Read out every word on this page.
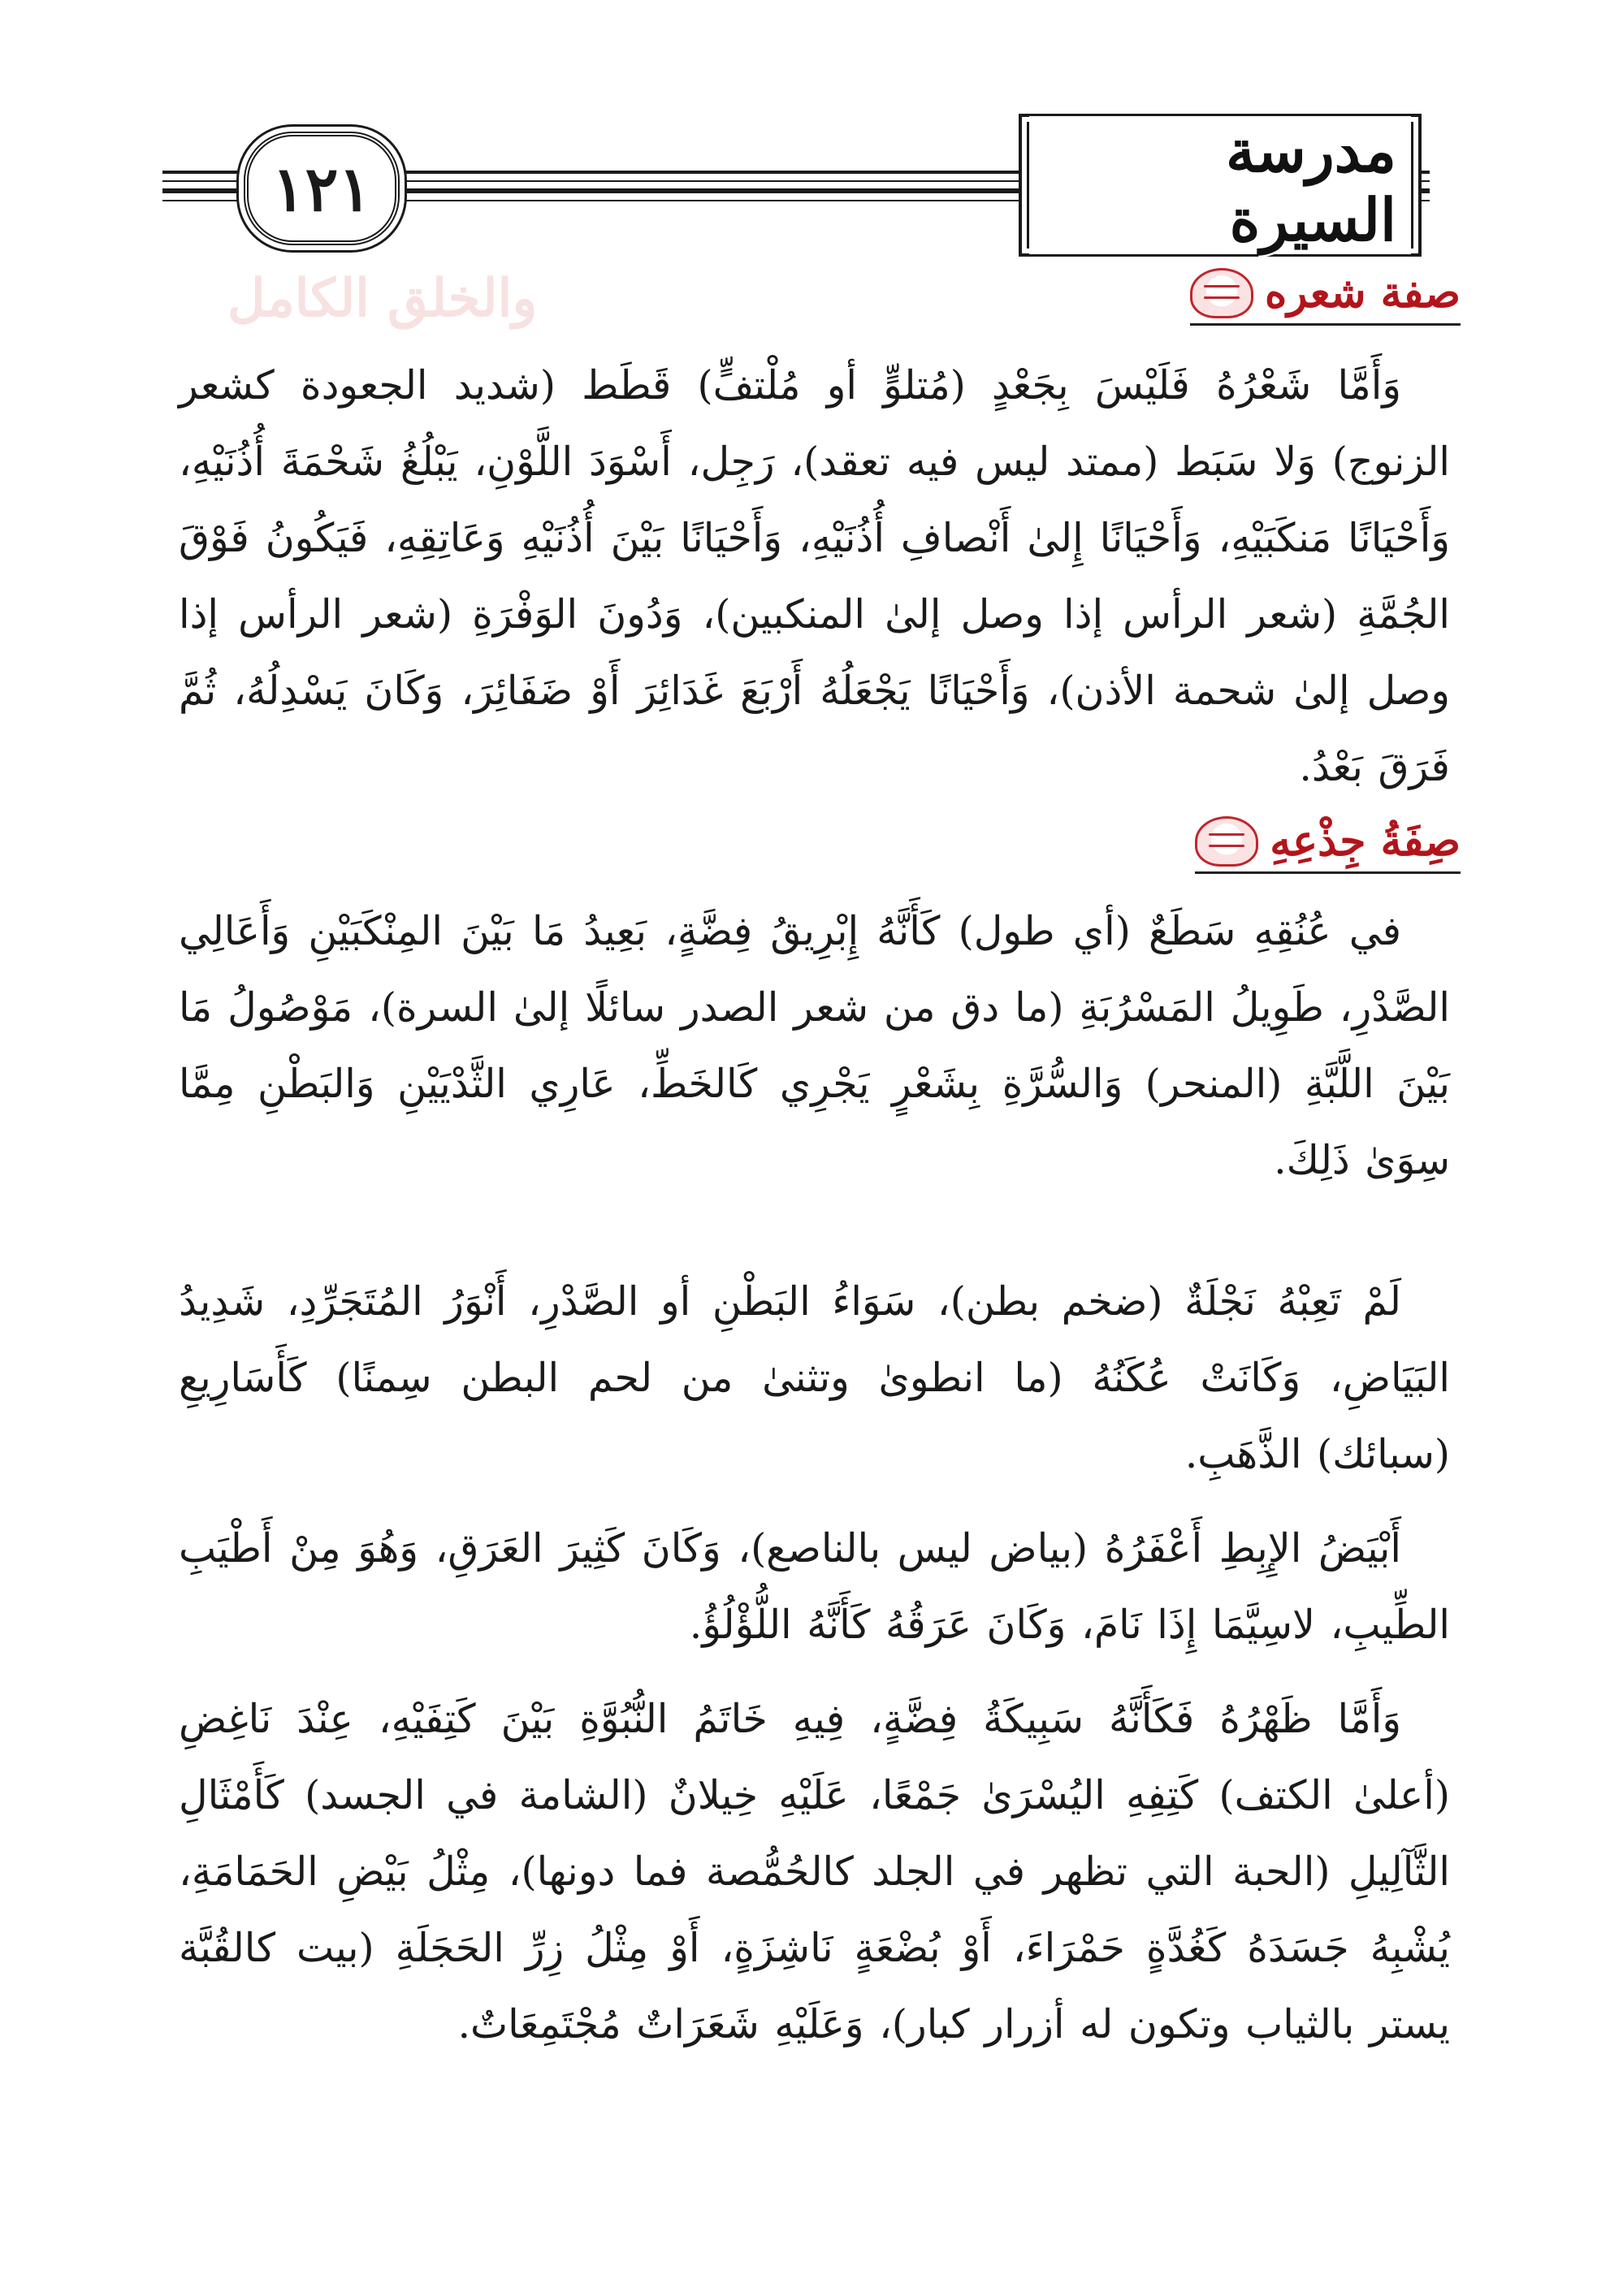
١٢١
مدرسة السيرة
والخلق الكامل	صفة شعره

وَأَمَّا شَعْرُهُ فَلَيْسَ بِجَعْدٍ (مُتلوٍّ أو مُلْتفٍّ) قَطَط (شديد الجعودة كشعر الزنوج) وَلا سَبَط (ممتد ليس فيه تعقد)، رَجِل، أَسْوَدَ اللَّوْنِ، يَبْلُغُ شَحْمَةَ أُذُنَيْهِ، وَأَحْيَانًا مَنكَبَيْهِ، وَأَحْيَانًا إِلىٰ أَنْصافِ أُذُنَيْهِ، وَأَحْيَانًا بَيْنَ أُذُنَيْهِ وَعَاتِقِهِ، فَيَكُونُ فَوْقَ الجُمَّةِ (شعر الرأس إذا وصل إلىٰ المنكبين)، وَدُونَ الوَفْرَةِ (شعر الرأس إذا وصل إلىٰ شحمة الأذن)، وَأَحْيَانًا يَجْعَلُهُ أَرْبَعَ غَدَائِرَ أَوْ ضَفَائِرَ، وَكَانَ يَسْدِلُهُ، ثُمَّ فَرَقَ بَعْدُ.

صِفَةُ جِذْعِهِ

في عُنُقِهِ سَطَعٌ (أي طول) كَأَنَّهُ إِبْرِيقُ فِضَّةٍ، بَعِيدُ مَا بَيْنَ المِنْكَبَيْنِ وَأَعَالِي الصَّدْرِ، طَوِيلُ المَسْرُبَةِ (ما دق من شعر الصدر سائلًا إلىٰ السرة)، مَوْصُولُ مَا بَيْنَ اللَّبَّةِ (المنحر) وَالسُّرَّةِ بِشَعْرٍ يَجْرِي كَالخَطِّ، عَارِي الثَّدْيَيْنِ وَالبَطْنِ مِمَّا سِوَىٰ ذَلِكَ.

لَمْ تَعِبْهُ نَجْلَةٌ (ضخم بطن)، سَوَاءُ البَطْنِ أو الصَّدْرِ، أَنْوَرُ المُتَجَرِّدِ، شَدِيدُ البَيَاضِ، وَكَانَتْ عُكَنُهُ (ما انطوىٰ وتثنىٰ من لحم البطن سِمنًا) كَأَسَارِيعِ (سبائك) الذَّهَبِ.

أَبْيَضُ الإِبِطِ أَعْفَرُهُ (بياض ليس بالناصع)، وَكَانَ كَثِيرَ العَرَقِ، وَهُوَ مِنْ أَطْيَبِ الطِّيبِ، لاسِيَّمَا إِذَا نَامَ، وَكَانَ عَرَقُهُ كَأَنَّهُ اللُّؤْلُؤُ.

وَأَمَّا ظَهْرُهُ فَكَأَنَّهُ سَبِيكَةُ فِضَّةٍ، فِيهِ خَاتَمُ النُّبُوَّةِ بَيْنَ كَتِفَيْهِ، عِنْدَ نَاغِضِ (أعلىٰ الكتف) كَتِفِهِ اليُسْرَىٰ جَمْعًا، عَلَيْهِ خِيلانٌ (الشامة في الجسد) كَأَمْثَالِ الثَّآلِيلِ (الحبة التي تظهر في الجلد كالحُمُّصة فما دونها)، مِثْلُ بَيْضِ الحَمَامَةِ، يُشْبِهُ جَسَدَهُ كَغُدَّةٍ حَمْرَاءَ، أَوْ بُضْعَةٍ نَاشِزَةٍ، أَوْ مِثْلُ زِرِّ الحَجَلَةِ (بيت كالقُبَّة يستر بالثياب وتكون له أزرار كبار)، وَعَلَيْهِ شَعَرَاتٌ مُجْتَمِعَاتٌ.
